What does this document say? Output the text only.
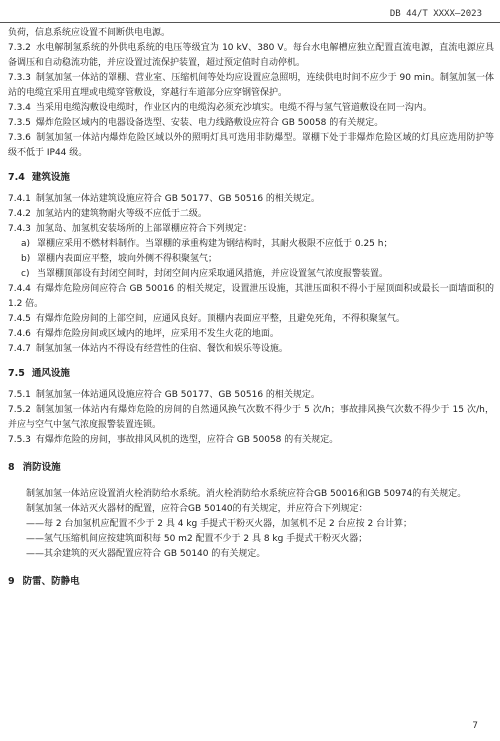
DB 44/T XXXX—2023

负荷，信息系统应设置不间断供电电源。

7.3.2 水电解制氢系统的外供电系统的电压等级宜为 10 kV、380 V。每台水电解槽应独立配置直流电源，直流电源应具备调压和自动稳流功能，并应设置过流保护装置，超过预定值时自动停机。

7.3.3 制氢加氢一体站的罩棚、营业室、压缩机间等处均应设置应急照明，连续供电时间不应少于 90 min。制氢加氢一体站的电缆宜采用直埋或电缆穿管敷设，穿越行车道部分应穿钢管保护。

7.3.4 当采用电缆沟敷设电缆时，作业区内的电缆沟必须充沙填实。电缆不得与氢气管道敷设在同一沟内。

7.3.5 爆炸危险区域内的电器设备选型、安装、电力线路敷设应符合 GB 50058 的有关规定。

7.3.6 制氢加氢一体站内爆炸危险区域以外的照明灯具可选用非防爆型。罩棚下处于非爆炸危险区域的灯具应选用防护等级不低于 IP44 级。

7.4 建筑设施

7.4.1 制氢加氢一体站建筑设施应符合 GB 50177、GB 50516 的相关规定。

7.4.2 加氢站内的建筑物耐火等级不应低于二级。

7.4.3 加氢岛、加氢机安装场所的上部罩棚应符合下列规定：

a) 罩棚应采用不燃材料制作。当罩棚的承重构建为钢结构时，其耐火极限不应低于 0.25 h；

b) 罩棚内表面应平整，坡向外侧不得积聚氢气；

c) 当罩棚顶部设有封闭空间时，封闭空间内应采取通风措施，并应设置氢气浓度报警装置。

7.4.4 有爆炸危险房间应符合 GB 50016 的相关规定，设置泄压设施，其泄压面积不得小于屋顶面积或最长一面墙面积的 1.2 倍。

7.4.5 有爆炸危险房间的上部空间，应通风良好。顶棚内表面应平整，且避免死角，不得积聚氢气。

7.4.6 有爆炸危险房间或区域内的地坪，应采用不发生火花的地面。

7.4.7 制氢加氢一体站内不得设有经营性的住宿、餐饮和娱乐等设施。

7.5 通风设施

7.5.1 制氢加氢一体站通风设施应符合 GB 50177、GB 50516 的相关规定。

7.5.2 制氢加氢一体站内有爆炸危险的房间的自然通风换气次数不得少于 5 次/h；事故排风换气次数不得少于 15 次/h，并应与空气中氢气浓度报警装置连锁。

7.5.3 有爆炸危险的房间，事故排风风机的选型，应符合 GB 50058 的有关规定。

8 消防设施

制氢加氢一体站应设置消火栓消防给水系统。消火栓消防给水系统应符合GB 50016和GB 50974的有关规定。

制氢加氢一体站灭火器材的配置，应符合GB 50140的有关规定，并应符合下列规定：

——每 2 台加氢机应配置不少于 2 具 4 kg 手提式干粉灭火器，加氢机不足 2 台应按 2 台计算；

——氢气压缩机间应按建筑面积每 50 m2 配置不少于 2 具 8 kg 手提式干粉灭火器；

——其余建筑的灭火器配置应符合 GB 50140 的有关规定。

9 防雷、防静电
7
